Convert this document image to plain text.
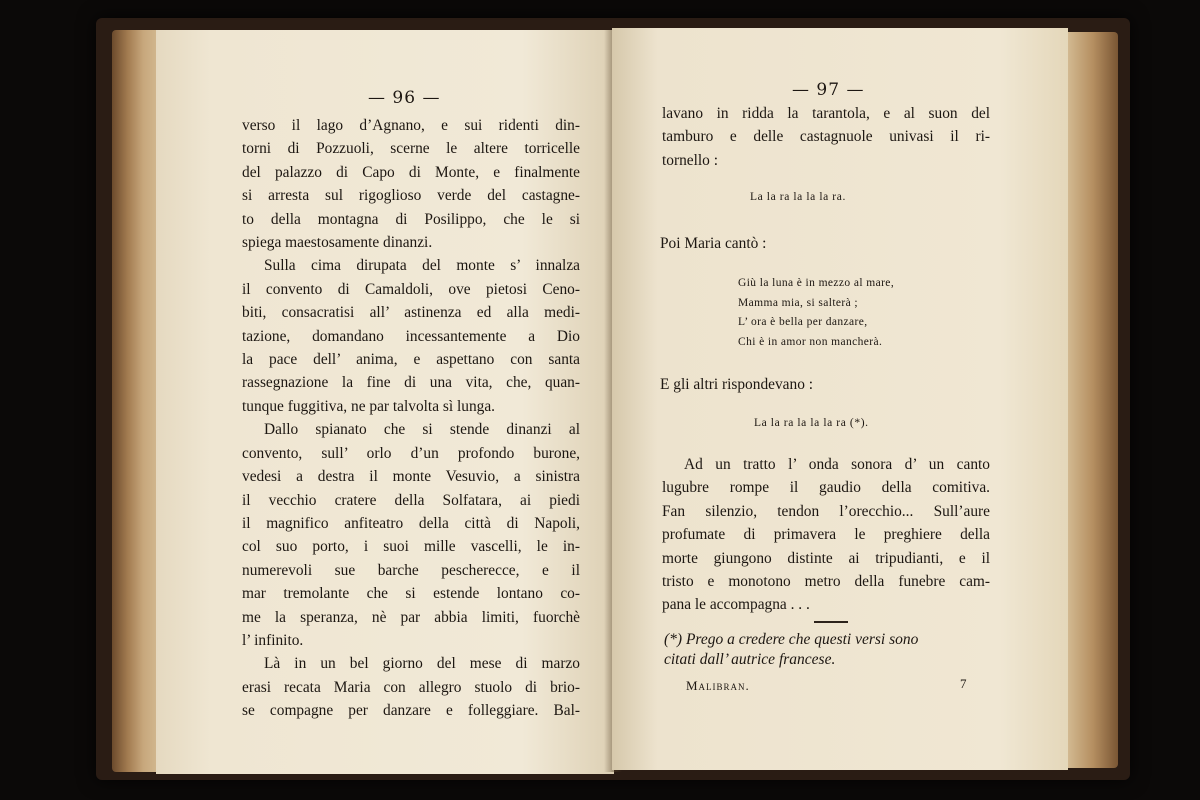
— 96 —
verso il lago d’Agnano, e sui ridenti din-
torni di Pozzuoli, scerne le altere torricelle
del palazzo di Capo di Monte, e finalmente
si arresta sul rigoglioso verde del castagne-
to della montagna di Posilippo, che le si
spiega maestosamente dinanzi.
Sulla cima dirupata del monte s’ innalza
il convento di Camaldoli, ove pietosi Ceno-
biti, consacratisi all’ astinenza ed alla medi-
tazione, domandano incessantemente a Dio
la pace dell’ anima, e aspettano con santa
rassegnazione la fine di una vita, che, quan-
tunque fuggitiva, ne par talvolta sì lunga.
Dallo spianato che si stende dinanzi al
convento, sull’ orlo d’un profondo burone,
vedesi a destra il monte Vesuvio, a sinistra
il vecchio cratere della Solfatara, ai piedi
il magnifico anfiteatro della città di Napoli,
col suo porto, i suoi mille vascelli, le in-
numerevoli sue barche pescherecce, e il
mar tremolante che si estende lontano co-
me la speranza, nè par abbia limiti, fuorchè
l’ infinito.
Là in un bel giorno del mese di marzo
erasi recata Maria con allegro stuolo di brio-
se compagne per danzare e folleggiare. Bal-
— 97 —
lavano in ridda la tarantola, e al suon del
tamburo e delle castagnuole univasi il ri-
tornello :
La la ra la la la ra.
Poi Maria cantò :
Giù la luna è in mezzo al mare,
Mamma mia, si salterà ;
L’ ora è bella per danzare,
Chi è in amor non mancherà.
E gli altri rispondevano :
La la ra la la la ra (*).
Ad un tratto l’ onda sonora d’ un canto
lugubre rompe il gaudio della comitiva.
Fan silenzio, tendon l’orecchio... Sull’aure
profumate di primavera le preghiere della
morte giungono distinte ai tripudianti, e il
tristo e monotono metro della funebre cam-
pana le accompagna . . .
(*) Prego a credere che questi versi sono
citati dall’ autrice francese.
Malibran.	7
